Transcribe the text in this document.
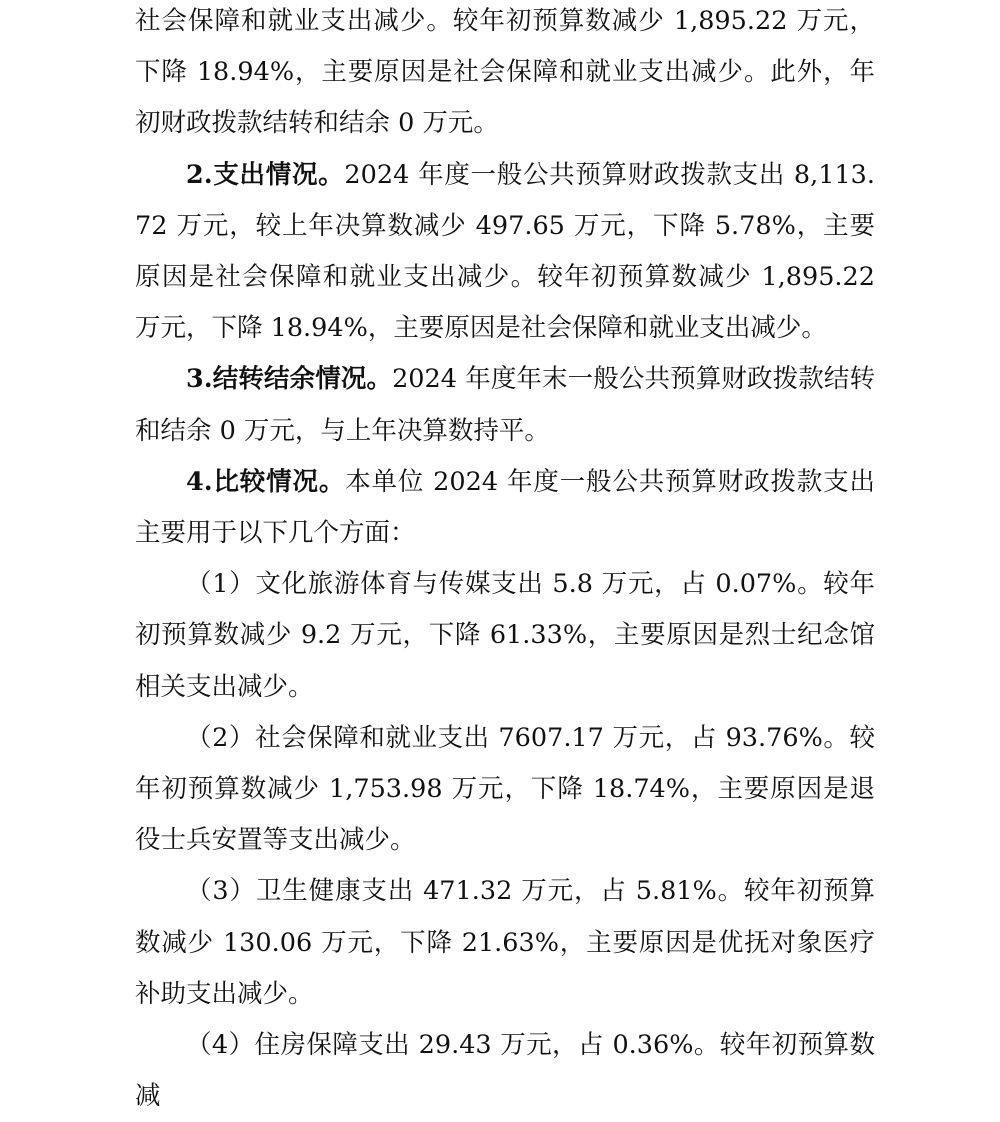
社会保障和就业支出减少。较年初预算数减少 1,895.22 万元，下降 18.94%，主要原因是社会保障和就业支出减少。此外，年初财政拨款结转和结余 0 万元。

2.支出情况。2024 年度一般公共预算财政拨款支出 8,113.72 万元，较上年决算数减少 497.65 万元，下降 5.78%，主要原因是社会保障和就业支出减少。较年初预算数减少 1,895.22 万元，下降 18.94%，主要原因是社会保障和就业支出减少。

3.结转结余情况。2024 年度年末一般公共预算财政拨款结转和结余 0 万元，与上年决算数持平。

4.比较情况。本单位 2024 年度一般公共预算财政拨款支出主要用于以下几个方面：

（1）文化旅游体育与传媒支出 5.8 万元，占 0.07%。较年初预算数减少 9.2 万元，下降 61.33%，主要原因是烈士纪念馆相关支出减少。

（2）社会保障和就业支出 7607.17 万元，占 93.76%。较年初预算数减少 1,753.98 万元，下降 18.74%，主要原因是退役士兵安置等支出减少。

（3）卫生健康支出 471.32 万元，占 5.81%。较年初预算数减少 130.06 万元，下降 21.63%，主要原因是优抚对象医疗补助支出减少。

（4）住房保障支出 29.43 万元，占 0.36%。较年初预算数减
